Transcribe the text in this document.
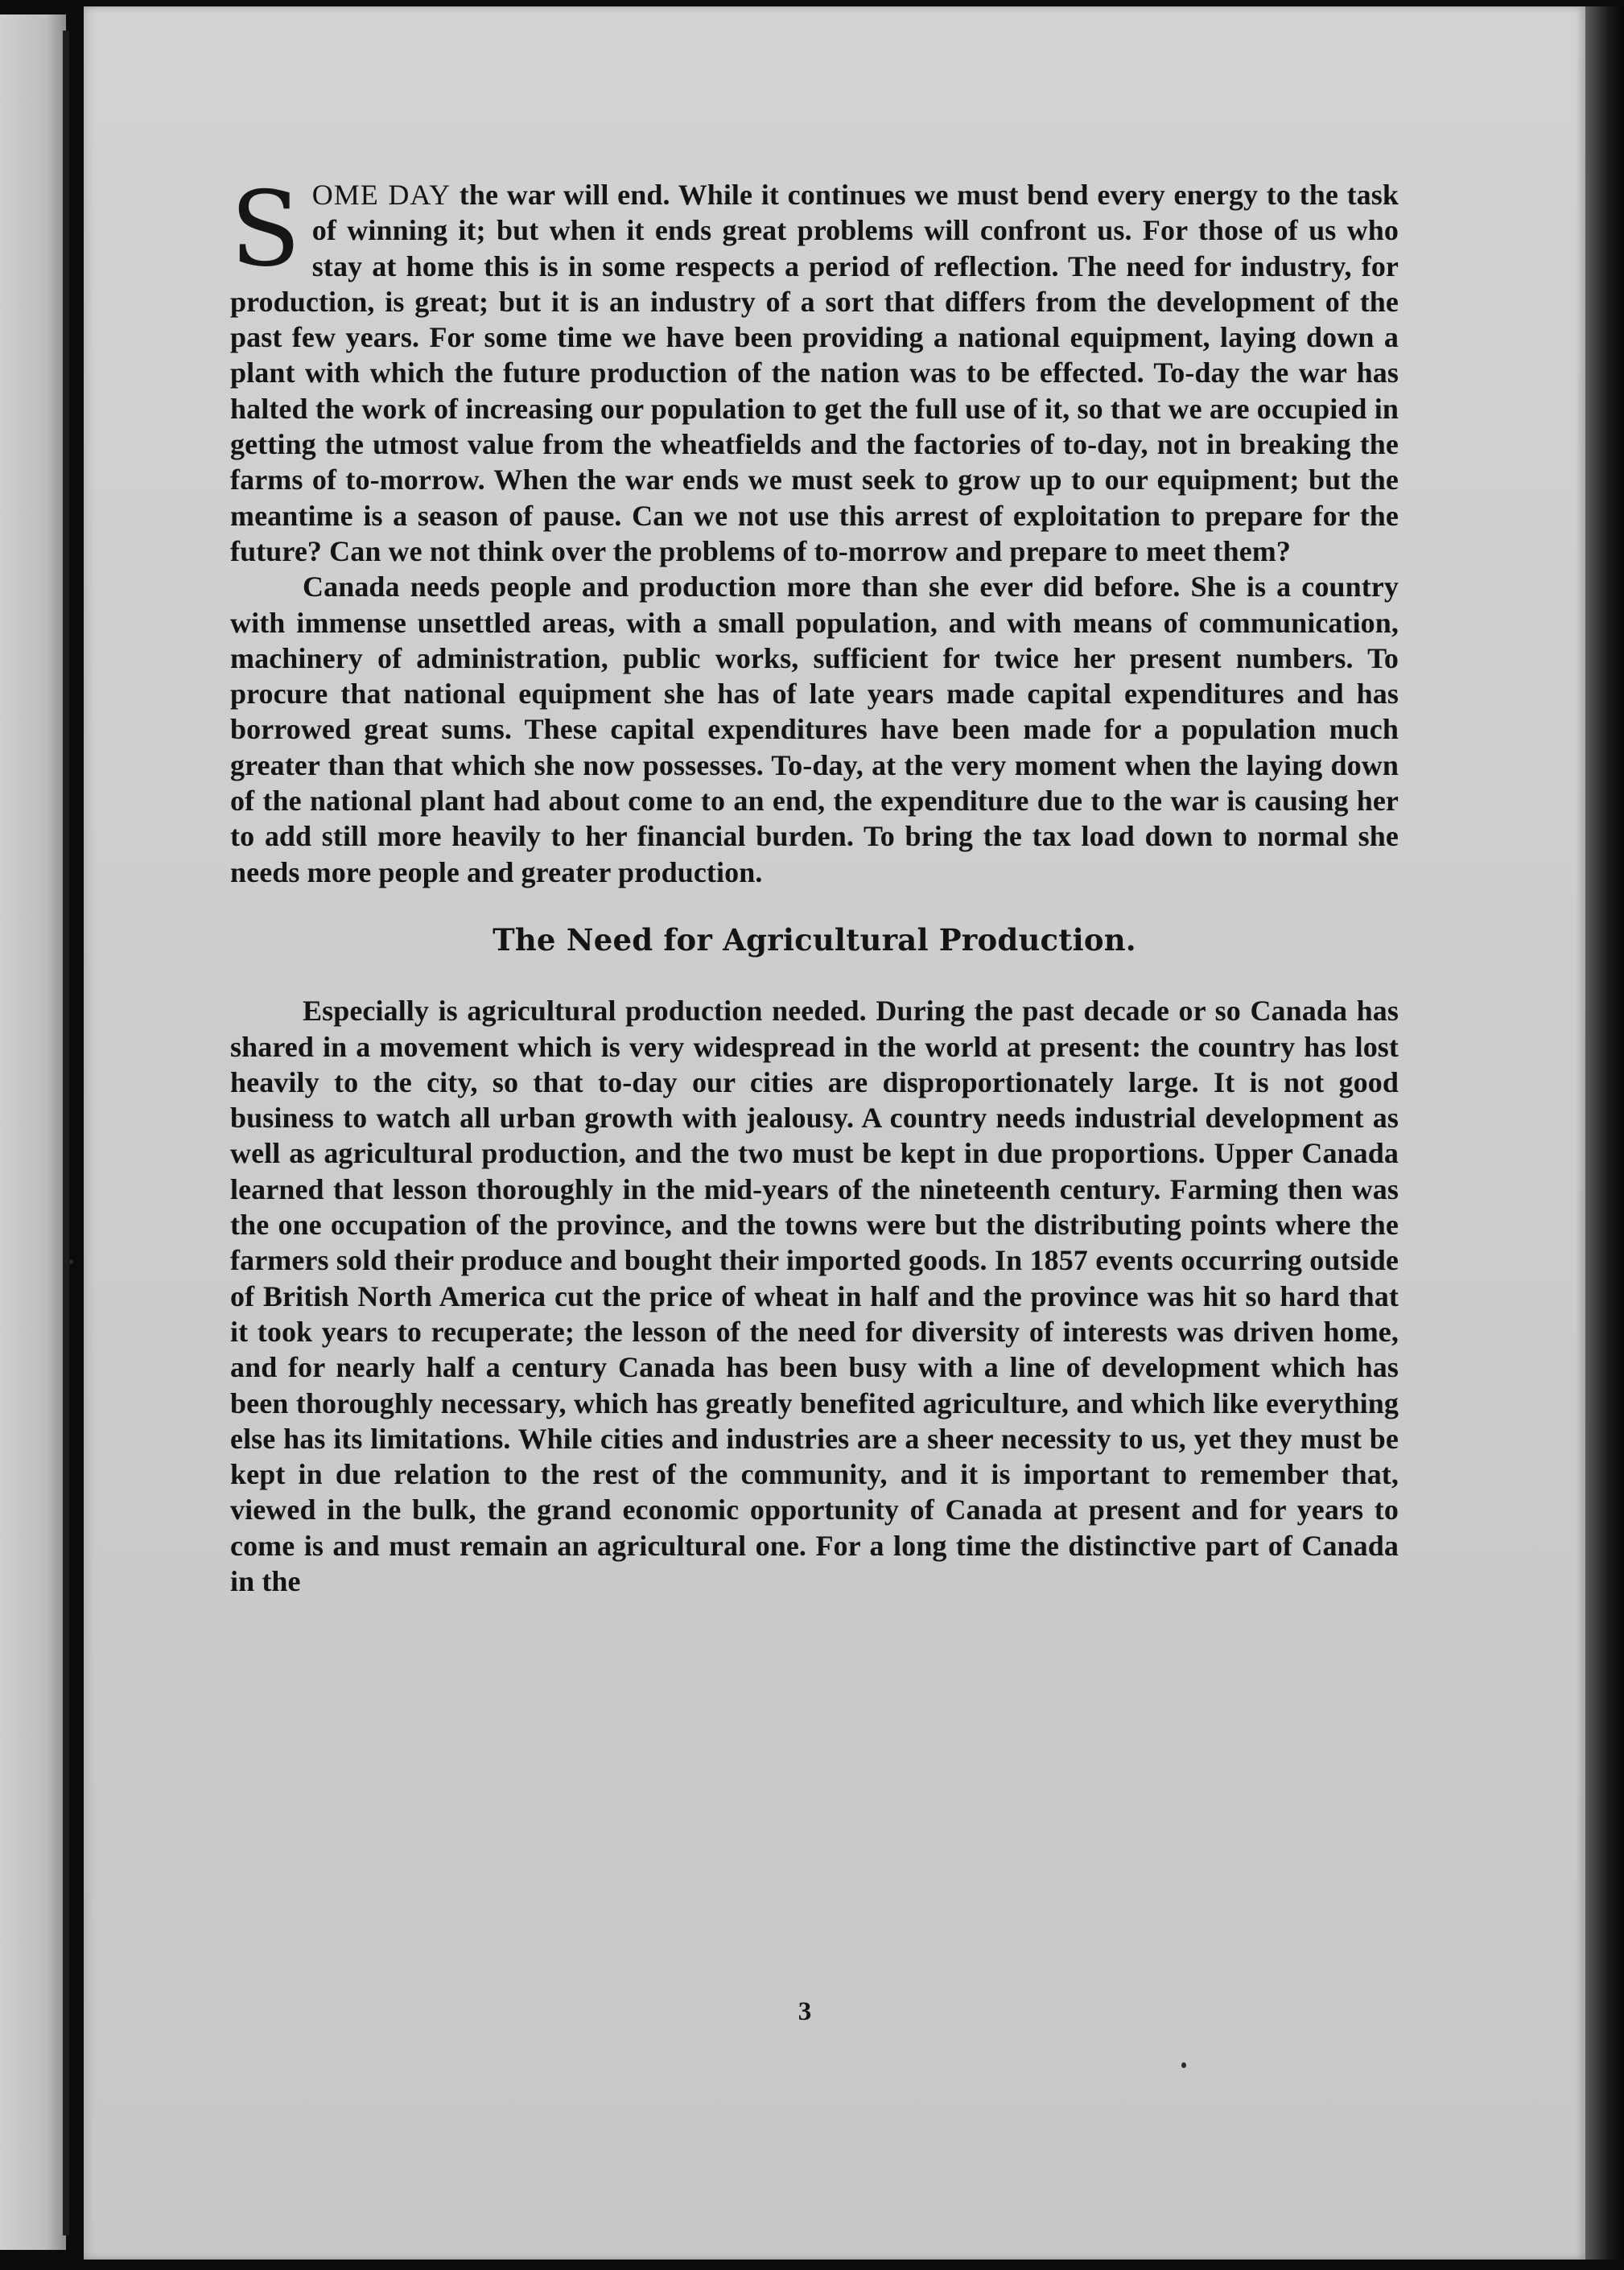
SOME DAY the war will end. While it continues we must bend every energy to the task of winning it; but when it ends great problems will confront us. For those of us who stay at home this is in some respects a period of reflection. The need for industry, for production, is great; but it is an industry of a sort that differs from the development of the past few years. For some time we have been providing a national equipment, laying down a plant with which the future production of the nation was to be effected. To-day the war has halted the work of increasing our population to get the full use of it, so that we are occupied in getting the utmost value from the wheatfields and the factories of to-day, not in breaking the farms of to-morrow. When the war ends we must seek to grow up to our equipment; but the meantime is a season of pause. Can we not use this arrest of exploitation to prepare for the future? Can we not think over the problems of to-morrow and prepare to meet them?

Canada needs people and production more than she ever did before. She is a country with immense unsettled areas, with a small population, and with means of communication, machinery of administration, public works, sufficient for twice her present numbers. To procure that national equipment she has of late years made capital expenditures and has borrowed great sums. These capital expenditures have been made for a population much greater than that which she now possesses. To-day, at the very moment when the laying down of the national plant had about come to an end, the expenditure due to the war is causing her to add still more heavily to her financial burden. To bring the tax load down to normal she needs more people and greater production.

The Need for Agricultural Production.

Especially is agricultural production needed. During the past decade or so Canada has shared in a movement which is very widespread in the world at present: the country has lost heavily to the city, so that to-day our cities are disproportionately large. It is not good business to watch all urban growth with jealousy. A country needs industrial development as well as agricultural production, and the two must be kept in due proportions. Upper Canada learned that lesson thoroughly in the mid-years of the nineteenth century. Farming then was the one occupation of the province, and the towns were but the distributing points where the farmers sold their produce and bought their imported goods. In 1857 events occurring outside of British North America cut the price of wheat in half and the province was hit so hard that it took years to recuperate; the lesson of the need for diversity of interests was driven home, and for nearly half a century Canada has been busy with a line of development which has been thoroughly necessary, which has greatly benefited agriculture, and which like everything else has its limitations. While cities and industries are a sheer necessity to us, yet they must be kept in due relation to the rest of the community, and it is important to remember that, viewed in the bulk, the grand economic opportunity of Canada at present and for years to come is and must remain an agricultural one. For a long time the distinctive part of Canada in the

3
